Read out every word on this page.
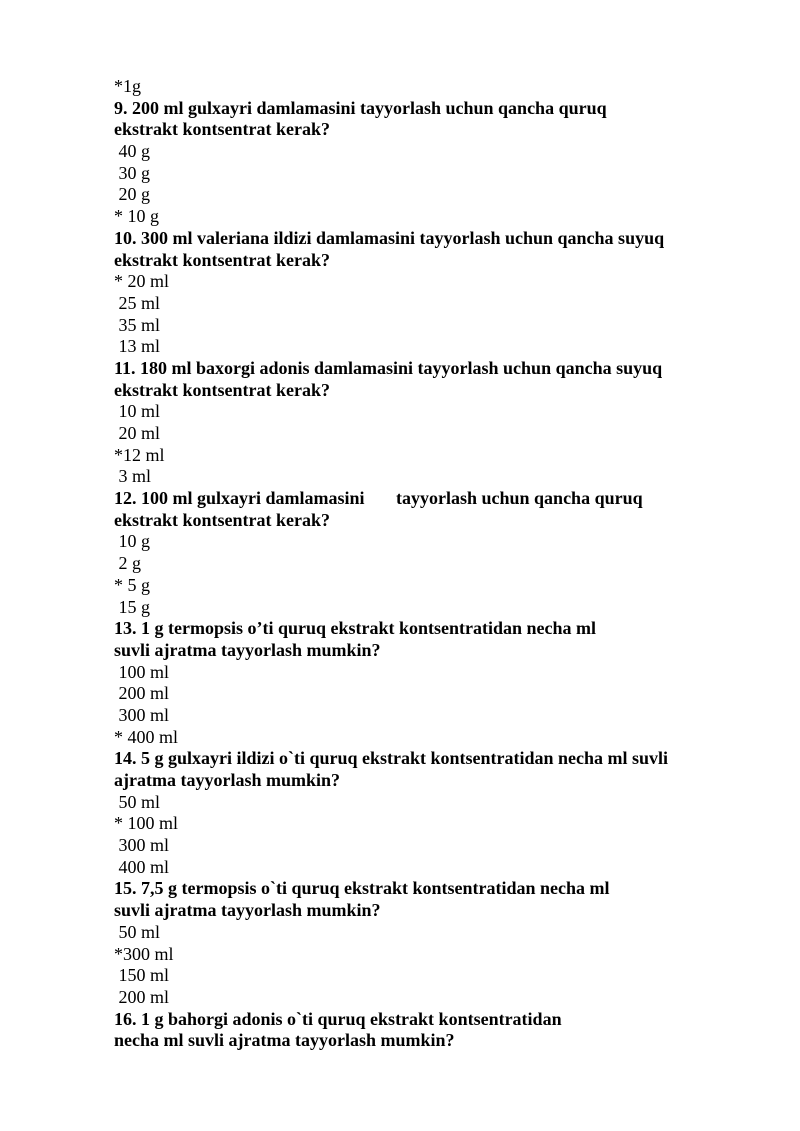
*1g
9. 200 ml gulxayri damlamasini tayyorlash uchun qancha quruq
ekstrakt kontsentrat kerak?
40 g
30 g
20 g
* 10 g
10. 300 ml valeriana ildizi damlamasini tayyorlash uchun qancha suyuq
ekstrakt kontsentrat kerak?
* 20 ml
25 ml
35 ml
13 ml
11. 180 ml baxorgi adonis damlamasini tayyorlash uchun qancha suyuq
ekstrakt kontsentrat kerak?
10 ml
20 ml
*12 ml
3 ml
12. 100 ml gulxayri damlamasini       tayyorlash uchun qancha quruq
ekstrakt kontsentrat kerak?
10 g
2 g
* 5 g
15 g
13. 1 g termopsis o’ti quruq ekstrakt kontsentratidan necha ml
suvli ajratma tayyorlash mumkin?
100 ml
200 ml
300 ml
* 400 ml
14. 5 g gulxayri ildizi o`ti quruq ekstrakt kontsentratidan necha ml suvli
ajratma tayyorlash mumkin?
50 ml
* 100 ml
300 ml
400 ml
15. 7,5 g termopsis o`ti quruq ekstrakt kontsentratidan necha ml
suvli ajratma tayyorlash mumkin?
50 ml
*300 ml
150 ml
200 ml
16. 1 g bahorgi adonis o`ti quruq ekstrakt kontsentratidan
necha ml suvli ajratma tayyorlash mumkin?
